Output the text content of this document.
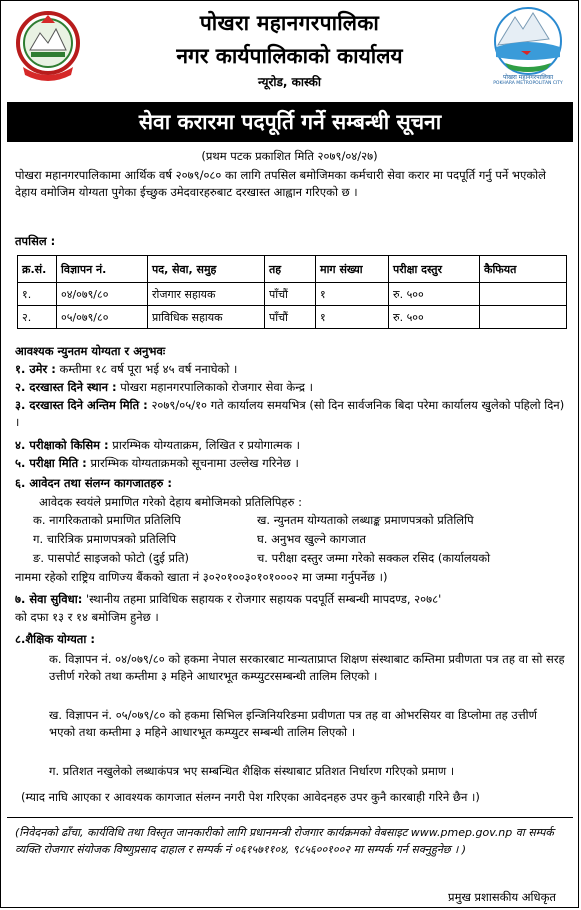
पोखरा महानगरपालिका
नगर कार्यपालिकाको कार्यालय
न्यूरोड, कास्की	पोखरा महानगरपालिका
POKHARA METROPOLITAN CITY
सेवा करारमा पदपूर्ति गर्ने सम्बन्धी सूचना
(प्रथम पटक प्रकाशित मिति २०७९/०४/२७)
पोखरा महानगरपालिकामा आर्थिक वर्ष २०७९/०८० का लागि तपसिल बमोजिमका कर्मचारी सेवा करार मा पदपूर्ति गर्नु पर्ने भएकोले देहाय वमोजिम योग्यता पुगेका ईच्छुक उमेदवारहरुबाट दरखास्त आह्वान गरिएको छ ।
तपसिल :
क्र.सं.	विज्ञापन नं.	पद, सेवा, समुह	तह	माग संख्या	परीक्षा दस्तुर	कैफियत
१.	०४/०७९/८०	रोजगार सहायक	पाँचौं	१	रु. ५००	
२.	०५/०७९/८०	प्राविधिक सहायक	पाँचौं	१	रु. ५००	
आवश्यक न्युनतम योग्यता र अनुभवः
१. उमेर : कम्तीमा १८ वर्ष पूरा भई ४५ वर्ष ननाघेको ।
२. दरखास्त दिने स्थान : पोखरा महानगरपालिकाको रोजगार सेवा केन्द्र ।
३. दरखास्त दिने अन्तिम मिति : २०७९/०५/१० गते कार्यालय समयभित्र (सो दिन सार्वजनिक बिदा परेमा कार्यालय खुलेको पहिलो दिन) ।
४. परीक्षाको किसिम : प्रारम्भिक योग्यताक्रम, लिखित र प्रयोगात्मक ।
५. परीक्षा मिति : प्रारम्भिक योग्यताक्रमको सूचनामा उल्लेख गरिनेछ ।
६. आवेदन तथा संलग्न कागजातहरु :
आवेदक स्वयंले प्रमाणित गरेको देहाय बमोजिमको प्रतिलिपिहरु :
क. नागरिकताको प्रमाणित प्रतिलिपि	ख. न्युनतम योग्यताको लब्धाङ्क प्रमाणपत्रको प्रतिलिपि
ग. चारित्रिक प्रमाणपत्रको प्रतिलिपि	घ. अनुभव खुल्ने कागजात
ङ. पासपोर्ट साइजको फोटो (दुई प्रति)	च. परीक्षा दस्तुर जम्मा गरेको सक्कल रसिद (कार्यालयको
नाममा रहेको राष्ट्रिय वाणिज्य बैंकको खाता नं ३०२०१००३०१०१०००२ मा जम्मा गर्नुपर्नेछ ।)
७. सेवा सुविधा: 'स्थानीय तहमा प्राविधिक सहायक र रोजगार सहायक पदपूर्ति सम्बन्धी मापदण्ड, २०७८'
को दफा १३ र १४ बमोजिम हुनेछ ।
८.शैक्षिक योग्यता :
क. विज्ञापन नं. ०४/०७९/८० को हकमा नेपाल सरकारबाट मान्यताप्राप्त शिक्षण संस्थाबाट कम्तिमा प्रवीणता पत्र तह वा सो सरह उत्तीर्ण गरेको तथा कम्तीमा ३ महिने आधारभूत कम्प्युटरसम्बन्धी तालिम लिएको ।
ख. विज्ञापन नं. ०५/०७९/८० को हकमा सिभिल इन्जिनियरिङमा प्रवीणता पत्र तह वा ओभरसियर वा डिप्लोमा तह उत्तीर्ण भएको तथा कम्तीमा ३ महिने आधारभूत कम्प्युटर सम्बन्धी तालिम लिएको ।
ग. प्रतिशत नखुलेको लब्धाकंपत्र भए सम्बन्धित शैक्षिक संस्थाबाट प्रतिशत निर्धारण गरिएको प्रमाण ।
(म्याद नाघि आएका र आवश्यक कागजात संलग्न नगरी पेश गरिएका आवेदनहरु उपर कुनै कारबाही गरिने छैन ।)
(निवेदनको ढाँचा, कार्यविधि तथा विस्तृत जानकारीको लागि प्रधानमन्त्री रोजगार कार्यक्रमको वेबसाइट www.pmep.gov.np वा सम्पर्क व्यक्ति रोजगार संयोजक विष्णुप्रसाद दाहाल र सम्पर्क नं ०६१५७११०४, ९८५६००१००२ मा सम्पर्क गर्न सक्नुहुनेछ । )
प्रमुख प्रशासकीय अधिकृत
